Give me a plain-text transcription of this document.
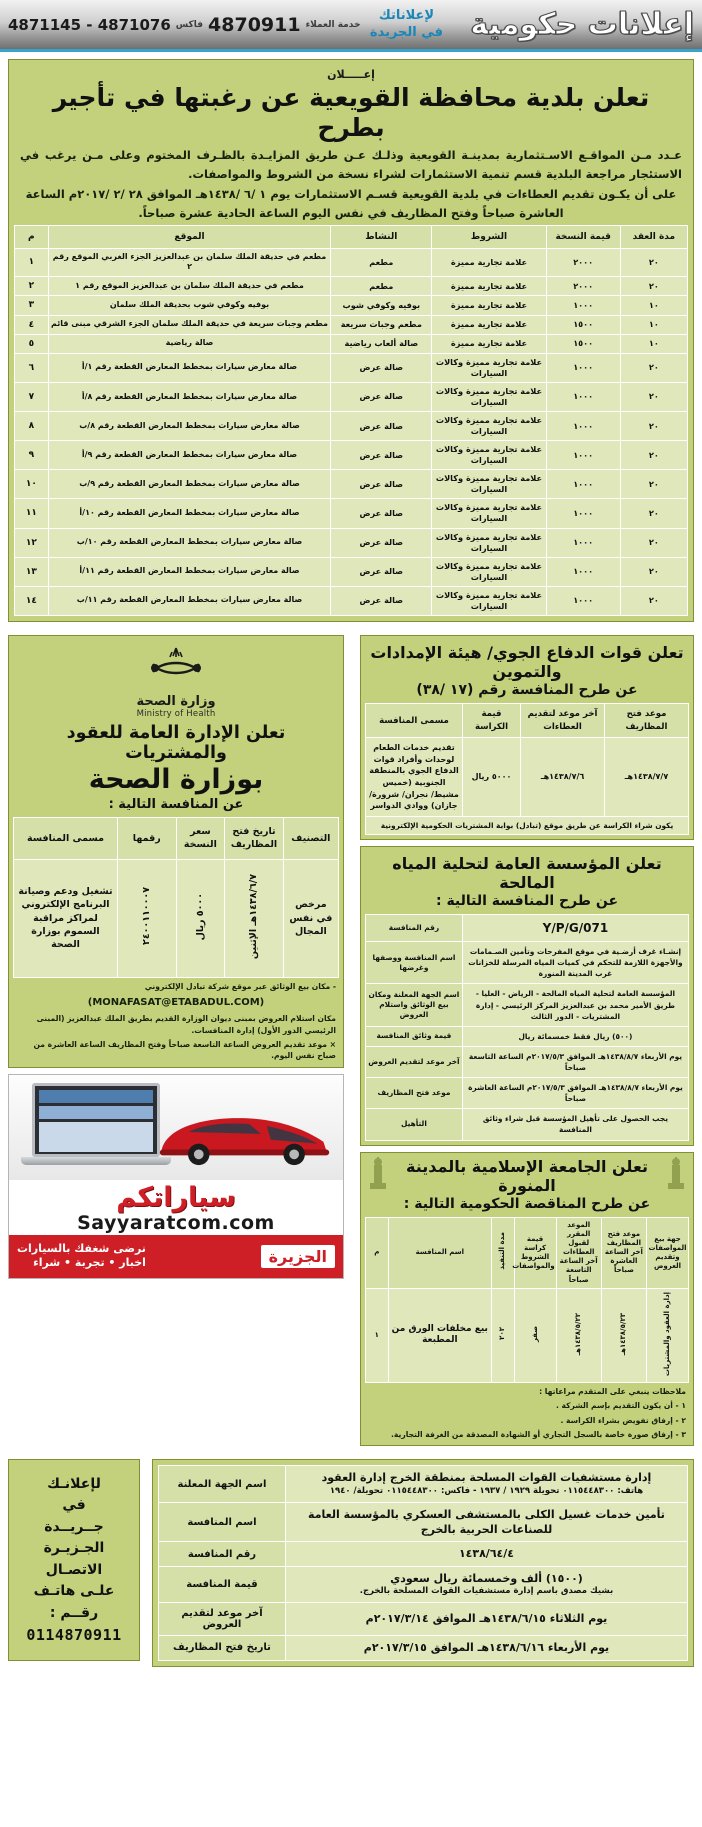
إعلانات حكومية
لإعلاناتك
في الجريدة
4871145 - 4871076 فاكس 4870911 خدمة العملاء
إعـــــلان
تعلن بلدية محافظة القويعية عن رغبتها في تأجير بطرح
عـدد مـن المواقـع الاسـتثمارية بمدينـة القويعية وذلـك عـن طريق المزايـدة بالظـرف المختوم وعلى مـن يرغب في الاستئجار مراجعة البلدية قسم تنمية الاستثمارات لشراء نسخة من الشروط والمواصفات.
على أن يكـون تقديم العطاءات في بلدية القويعية قسـم الاستثمارات يوم ١ /٦ /١٤٣٨هـ الموافق ٢٨ /٢ /٢٠١٧م الساعة العاشرة صباحاً وفتح المظاريف في نفس اليوم الساعة الحادية عشرة صباحاً.
مدة العقد	قيمة النسخة	الشروط	النشاط	الموقع	م
٢٠	٢٠٠٠	علامة تجارية مميزة	مطعم	مطعم في حديقة الملك سلمان بن عبدالعزيز الجزء الغربي الموقع رقم ٢	١
٢٠	٢٠٠٠	علامة تجارية مميزة	مطعم	مطعم في حديقة الملك سلمان بن عبدالعزيز الموقع رقم ١	٢
١٠	١٠٠٠	علامة تجارية مميزة	بوفيه وكوفي شوب	بوفيه وكوفي شوب بحديقة الملك سلمان	٣
١٠	١٥٠٠	علامة تجارية مميزة	مطعم وجبات سريعة	مطعم وجبات سريعة في حديقة الملك سلمان الجزء الشرقي مبنى قائم	٤
١٠	١٥٠٠	علامة تجارية مميزة	صالة ألعاب رياضية	صالة رياضية	٥
٢٠	١٠٠٠	علامة تجارية مميزة وكالات السيارات	صالة عرض	صالة معارض سيارات بمخطط المعارض القطعة رقم ١/أ	٦
٢٠	١٠٠٠	علامة تجارية مميزة وكالات السيارات	صالة عرض	صالة معارض سيارات بمخطط المعارض القطعة رقم ٨/أ	٧
٢٠	١٠٠٠	علامة تجارية مميزة وكالات السيارات	صالة عرض	صالة معارض سيارات بمخطط المعارض القطعة رقم ٨/ب	٨
٢٠	١٠٠٠	علامة تجارية مميزة وكالات السيارات	صالة عرض	صالة معارض سيارات بمخطط المعارض القطعة رقم ٩/أ	٩
٢٠	١٠٠٠	علامة تجارية مميزة وكالات السيارات	صالة عرض	صالة معارض سيارات بمخطط المعارض القطعة رقم ٩/ب	١٠
٢٠	١٠٠٠	علامة تجارية مميزة وكالات السيارات	صالة عرض	صالة معارض سيارات بمخطط المعارض القطعة رقم ١٠/أ	١١
٢٠	١٠٠٠	علامة تجارية مميزة وكالات السيارات	صالة عرض	صالة معارض سيارات بمخطط المعارض القطعة رقم ١٠/ب	١٢
٢٠	١٠٠٠	علامة تجارية مميزة وكالات السيارات	صالة عرض	صالة معارض سيارات بمخطط المعارض القطعة رقم ١١/أ	١٣
٢٠	١٠٠٠	علامة تجارية مميزة وكالات السيارات	صالة عرض	صالة معارض سيارات بمخطط المعارض القطعة رقم ١١/ب	١٤
تعلن قوات الدفاع الجوي/ هيئة الإمدادات والتموين
عن طرح المنافسة رقم (١٧ /٣٨)
موعد فتح المظاريف	آخر موعد لتقديم العطاءات	قيمة الكراسة	مسمى المنافسة
١٤٣٨/٧/٧هـ	١٤٣٨/٧/٦هـ	٥٠٠٠ ريال	تقديم خدمات الطعام لوحدات وأفراد قوات الدفاع الجوي بالمنطقة الجنوبية (خميس مشيط/ نجران/ شرورة/ جازان) ووادي الدواسر
يكون شراء الكراسة عن طريق موقع (تبادل) بوابة المشتريات الحكومية الإلكترونية
تعلن المؤسسة العامة لتحلية المياه المالحة
عن طرح المنافسة التالية :
Y/P/G/071	رقم المنافسة
إنشـاء غرف أرضـية في موقع المفرحات وتأمين الصـمامات والأجهزة اللازمة للتحكم في كميات المياه المرسلة للخزانات غرب المدينة المنورة	اسم المنافسة ووصفها وغرضها
المؤسسة العامة لتحلية المياه المالحة - الرياض - العليا - طريق الأمير محمد بن عبدالعزيز المركز الرئيسي - إدارة المشتريات - الدور الثالث	اسم الجهة المعلنة ومكان بيع الوثائق واستلام العروض
(٥٠٠) ريال فقط خمسمائة ريال	قيمة وثائق المنافسة
يوم الأربعاء ١٤٣٨/٨/٧هـ الموافق ٢٠١٧/٥/٣م الساعة التاسعة صباحاً	آخر موعد لتقديم العروض
يوم الأربعاء ١٤٣٨/٨/٧هـ الموافق ٢٠١٧/٥/٣م الساعة العاشرة صباحاً	موعد فتح المظاريف
يجب الحصول على تأهيل المؤسسة قبل شراء وثائق المنافسة	التأهيل
تعلن الجامعة الإسلامية بالمدينة المنورة
عن طرح المناقصة الحكومية التالية :
جهة بيع المواصفات وتقديم العروض	موعد فتح المظاريف آخر الساعة العاشرة صباحاً	الموعد المقرر لقبول العطاءات آخر الساعة التاسعة صباحاً	قيمة كراسة الشروط والمواصفات	مدة التنفيذ	اسم المنافسة	م
إدارة العقود والمشتريات	١٤٣٨/٥/٢٣هـ	١٤٣٨/٥/٢٢هـ	صفر	٢٠٢	بيع مخلفات الورق من المطبعة	١
ملاحظات ينبغي على المتقدم مراعاتها :
١ - أن يكون التقديم بإسم الشركة .
٢ - إرفاق تفويض بشراء الكراسة .
٣ - إرفاق صورة خاصة بالسجل التجاري أو الشهادة المصدقة من الغرفة التجارية.
وزارة الصحة
Ministry of Health
تعلن الإدارة العامة للعقود والمشتريات
بوزارة الصحة
عن المنافسة التالية :
التصنيف	تاريخ فتح المظاريف	سعر النسخة	رقمها	مسمى المنافسة
مرخص في نفس المجال	١٤٣٨/٦/٧هـ الإثنين	٥٠٠٠ ريال	٢٤٠٠١١٠٠٠٧	تشغيل ودعم وصيانة البرنامج الإلكتروني لمراكز مراقبة السموم بوزارة الصحة
- مكان بيع الوثائق عبر موقع شركة تبادل الإلكتروني
(MONAFASAT@ETABADUL.COM)
مكان استلام العروض بمبنى ديوان الوزارة القديم بطريق الملك عبدالعزيز (المبنى الرئيسي الدور الأول) إدارة المنافسات.
× موعد تقديم العروض الساعة التاسعة صباحاً وفتح المظاريف الساعة العاشرة من صباح نفس اليوم.
سياراتكم
Sayyaratcom.com
الجزيرة
نرضى شغفك بالسيارات
اخبار • تجربة • شراء
إدارة مستشفيات القوات المسلحة بمنطقة الخرج إدارة العقود
هاتف: ٠١١٥٤٤٨٣٠٠ تحويلة ١٩٢٩ / ١٩٣٧ - فاكس: ٠١١٥٤٤٨٣٠٠ تحويلة/ ١٩٤٠	اسم الجهة المعلنة
تأمين خدمات غسيل الكلى بالمستشفى العسكري بالمؤسسة العامة للصناعات الحربية بالخرج	اسم المنافسة
١٤٣٨/٦٤/٤	رقم المنافسة
(١٥٠٠) ألف وخمسمائة ريال سعودي
بشيك مصدق باسم إدارة مستشفيات القوات المسلحة بالخرج.	قيمة المنافسة
يوم الثلاثاء ١٤٣٨/٦/١٥هـ الموافق ٢٠١٧/٣/١٤م	آخر موعد لتقديم العروض
يوم الأربعاء ١٤٣٨/٦/١٦هـ الموافق ٢٠١٧/٣/١٥م	تاريخ فتح المظاريف
لإعلانـك
في
جــريــدة
الجـزيـرة
الاتصـال
علـى هاتـف
رقــم :
0114870911
